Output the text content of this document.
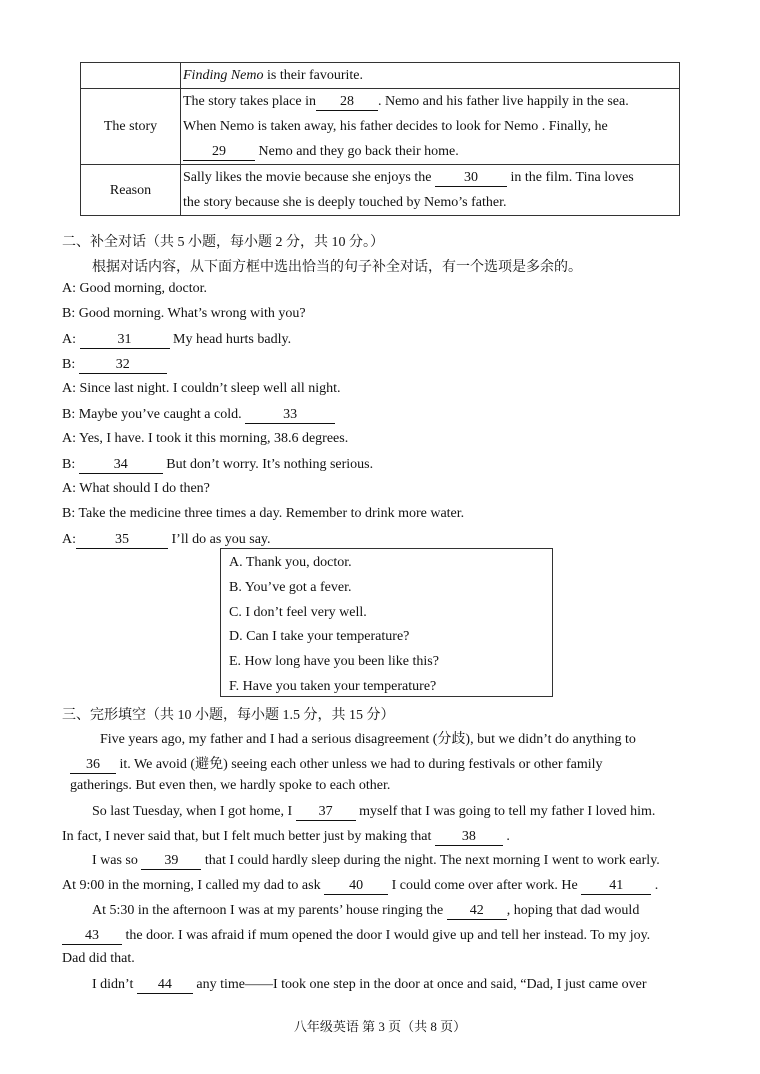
	Finding Nemo is their favourite.
The story	The story takes place in 28 . Nemo and his father live happily in the sea.
When Nemo is taken away, his father decides to look for Nemo . Finally, he
29 Nemo and they go back their home.

Reason	Sally likes the movie because she enjoys the 30 in the film. Tina loves
the story because she is deeply touched by Nemo’s father.
二、补全对话（共 5 小题，每小题 2 分，共 10 分。）
根据对话内容，从下面方框中选出恰当的句子补全对话，有一个选项是多余的。
A: Good morning, doctor.
B: Good morning. What’s wrong with you?
A:	31	My head hurts badly.
B:	32
A: Since last night. I couldn’t sleep well all night.
B: Maybe you’ve caught a cold.	33
A: Yes, I have. I took it this morning, 38.6 degrees.
B:	34	But don’t worry. It’s nothing serious.
A: What should I do then?
B: Take the medicine three times a day. Remember to drink more water.
A:	35	I’ll do as you say.
A. Thank you, doctor.
B. You’ve got a fever.
C. I don’t feel very well.
D. Can I take your temperature?
E. How long have you been like this?
F. Have you taken your temperature?
三、完形填空（共 10 小题，每小题 1.5 分，共 15 分）
Five years ago, my father and I had a serious disagreement (分歧), but we didn’t do anything to
36 it. We avoid (避免) seeing each other unless we had to during festivals or other family
gatherings. But even then, we hardly spoke to each other.
So last Tuesday, when I got home, I 37 myself that I was going to tell my father I loved him.
In fact, I never said that, but I felt much better just by making that 38 .
I was so 39 that I could hardly sleep during the night. The next morning I went to work early.
At 9:00 in the morning, I called my dad to ask 40 I could come over after work. He 41 .
At 5:30 in the afternoon I was at my parents’ house ringing the 42 , hoping that dad would
43 the door. I was afraid if mum opened the door I would give up and tell her instead. To my joy.
Dad did that.
I didn’t 44 any time——I took one step in the door at once and said, “Dad, I just came over
八年级英语 第 3 页（共 8 页）
